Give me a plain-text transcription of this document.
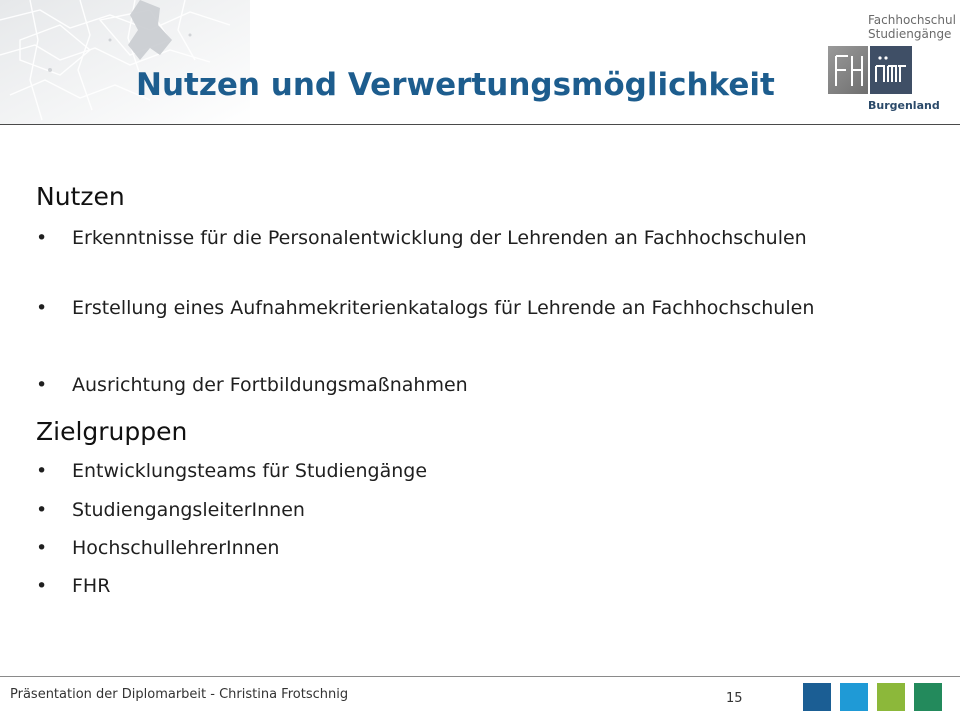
Nutzen und Verwertungsmöglichkeit
Fachhochschul
Studiengänge
Burgenland
Nutzen
• Erkenntnisse für die Personalentwicklung der Lehrenden an Fachhochschulen
• Erstellung eines Aufnahmekriterienkatalogs für Lehrende an Fachhochschulen
• Ausrichtung der Fortbildungsmaßnahmen
Zielgruppen
• Entwicklungsteams für Studiengänge
• StudiengangsleiterInnen
• HochschullehrerInnen
• FHR
Präsentation der Diplomarbeit - Christina Frotschnig	15
